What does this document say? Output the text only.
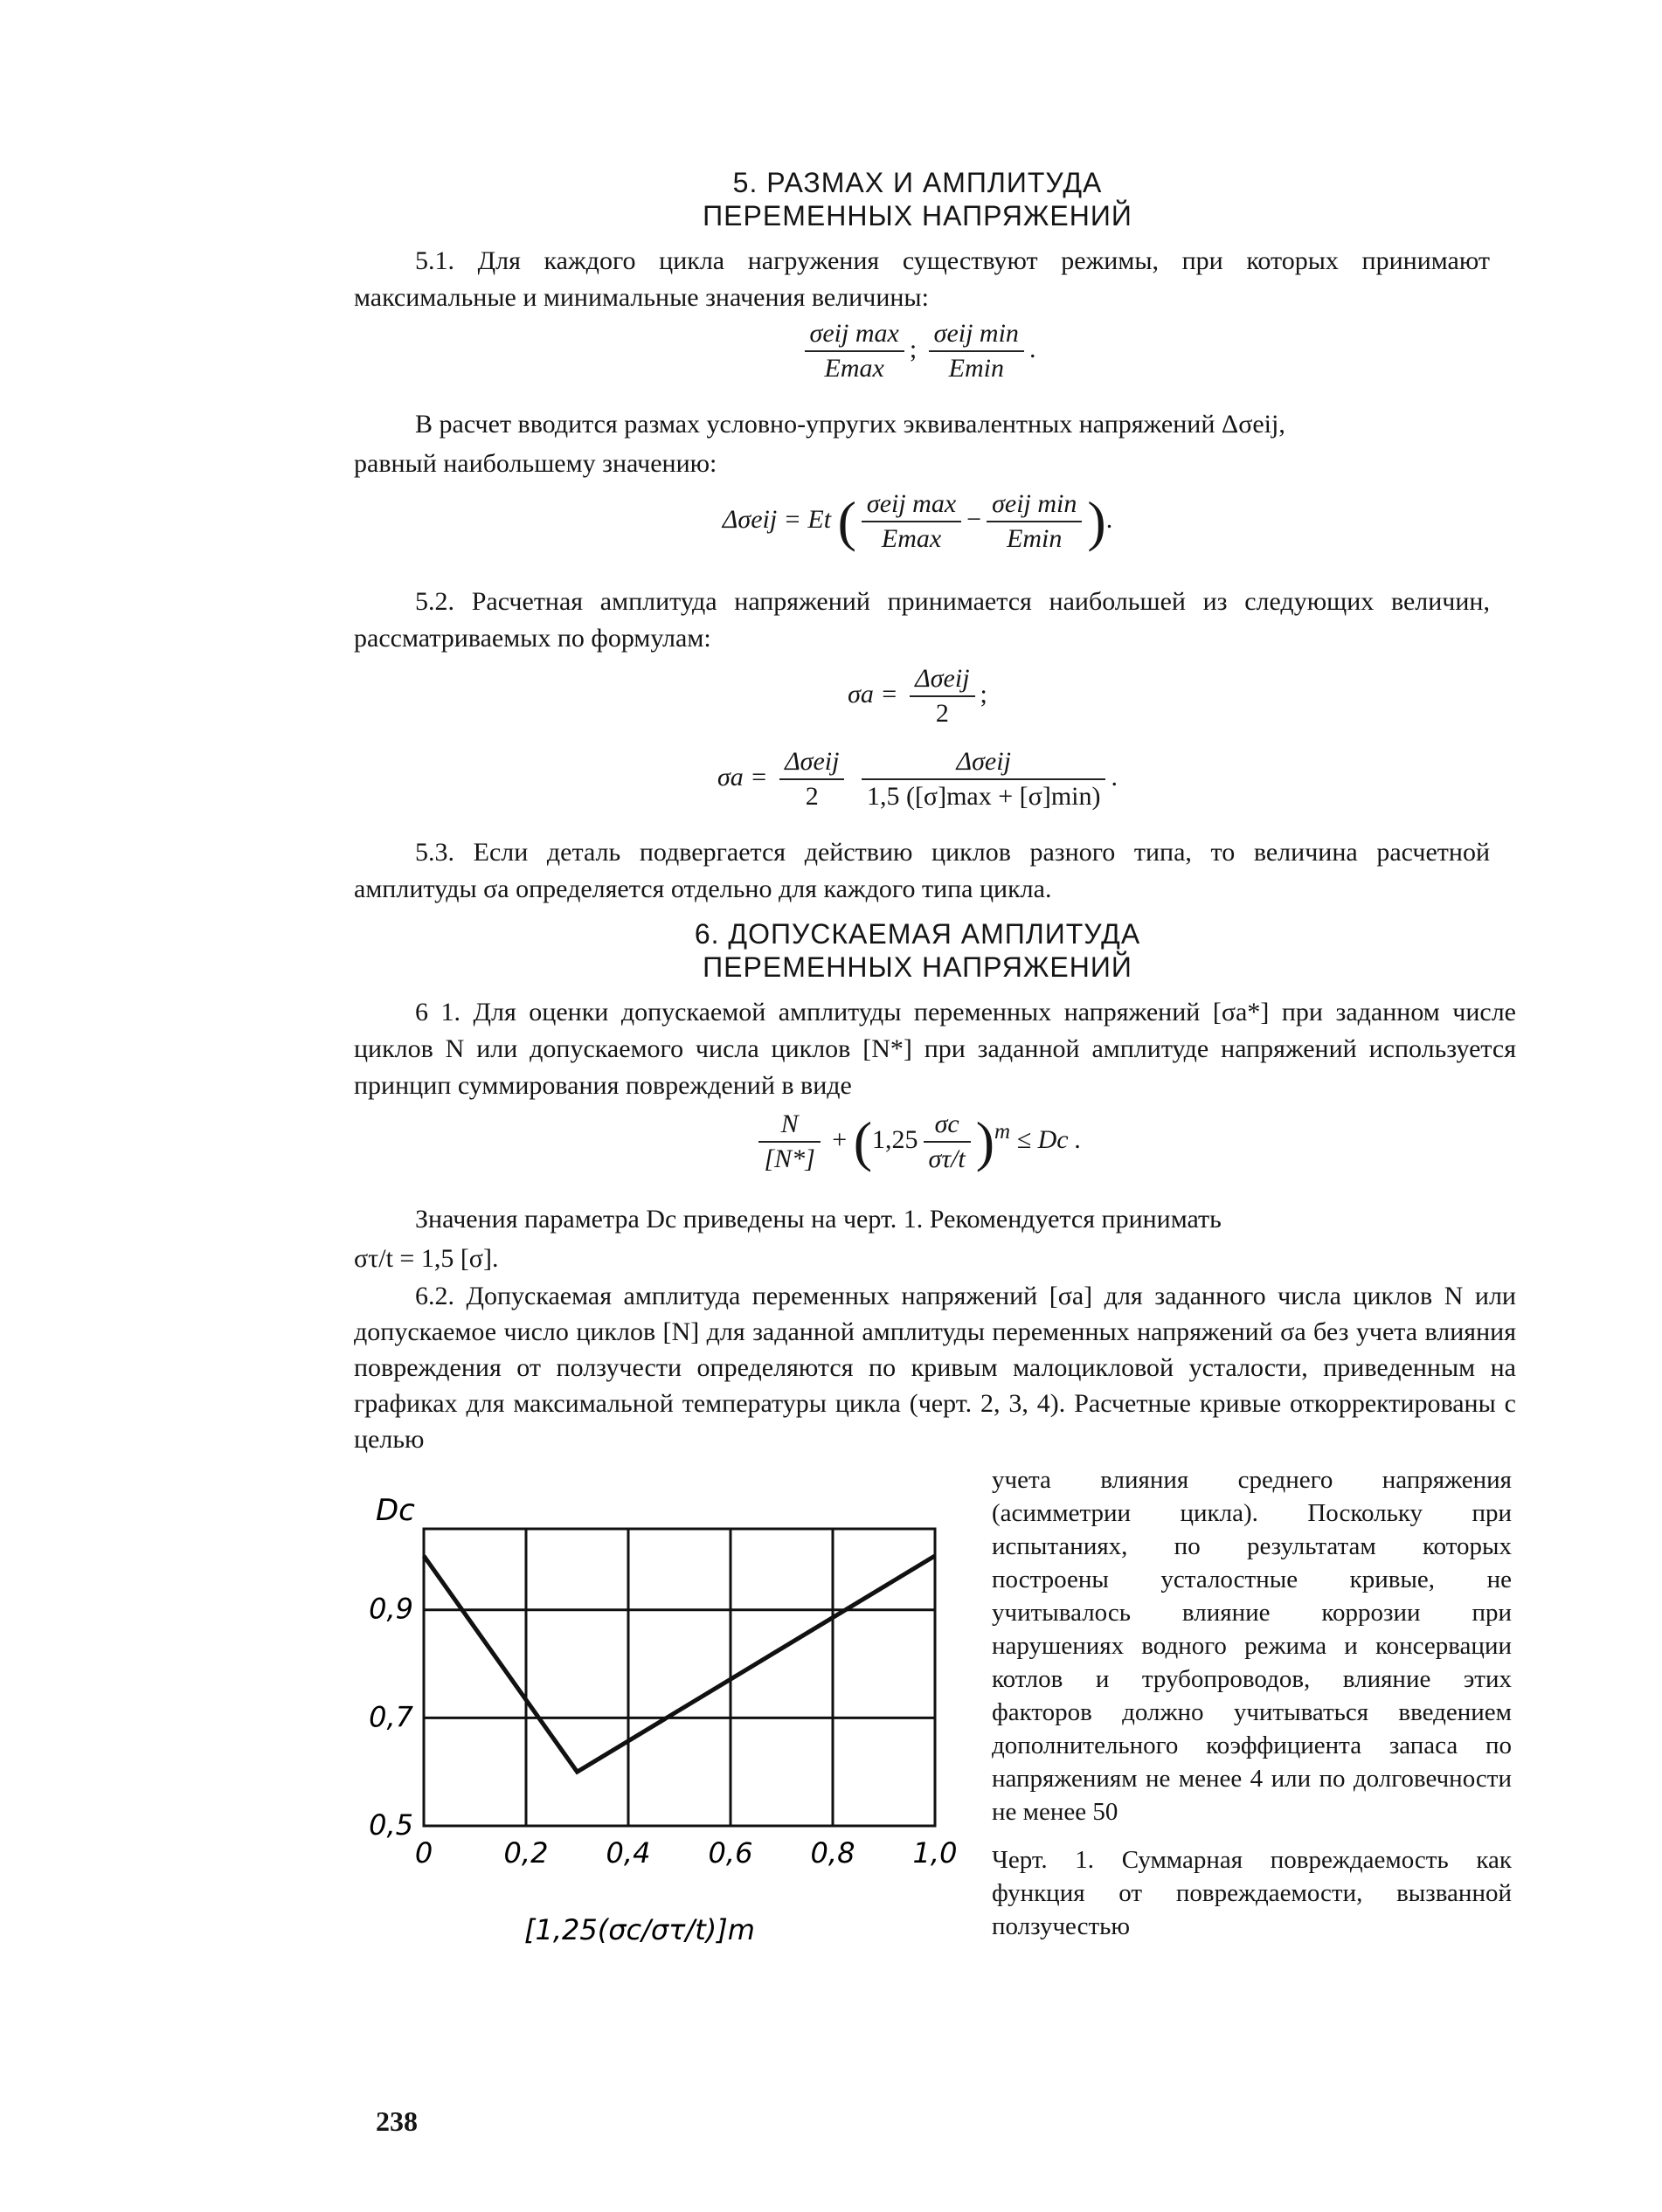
5. РАЗМАХ И АМПЛИТУДА
ПЕРЕМЕННЫХ НАПРЯЖЕНИЙ

5.1. Для каждого цикла нагружения существуют режимы, при которых принимают максимальные и минимальные значения величины:

$\frac{\text{σeij max}}{Emax}$ ; $\frac{\text{σeij min}}{Emin}$ .

В расчет вводится размах условно-упругих эквивалентных напряжений Δσeij,

равный наибольшему значению:

Δσeij = Et ( $\frac{\text{σeij max}}{Emax} - \frac{\text{σeij min}}{Emin}$ ).

5.2. Расчетная амплитуда напряжений принимается наибольшей из следующих величин, рассматриваемых по формулам:

$\sigma a = \frac{\text{Δσeij}}{2}$ ;
$\sigma a = \frac{\text{Δσeij}}{2}$
$\frac{\text{Δσeij}}{1,5 ([\sigma]\max + [\sigma]\min)}$ .

5.3. Если деталь подвергается действию циклов разного типа, то величина расчетной амплитуды σa определяется отдельно для каждого типа цикла.

6. ДОПУСКАЕМАЯ АМПЛИТУДА
ПЕРЕМЕННЫХ НАПРЯЖЕНИЙ

6 1. Для оценки допускаемой амплитуды переменных напряжений [σa*] при заданном числе циклов N или допускаемого числа циклов [N*] при заданной амплитуде напряжений используется принцип суммирования повреждений в виде

$\frac{N}{[N*]} + (1,25 \frac{\sigma c}{\sigma\tau/t} )^m \le Dc$ .

Значения параметра Dc приведены на черт. 1. Рекомендуется принимать

στ/t = 1,5 [σ].

6.2. Допускаемая амплитуда переменных напряжений [σa] для заданного числа циклов N или допускаемое число циклов [N] для заданной амплитуды переменных напряжений σa без учета влияния повреждения от ползучести определяются по кривым малоцикловой усталости, приведенным на графиках для максимальной температуры цикла (черт. 2, 3, 4). Расчетные кривые откорректированы с целью

учета влияния среднего напряжения (асимметрии цикла). Поскольку при испытаниях, по результатам которых построены усталостные кривые, не учитывалось влияние коррозии при нарушениях водного режима и консервации котлов и трубопроводов, влияние этих факторов должно учитываться введением дополнительного коэффициента запаса по напряжениям не менее 4 или по долговечности не менее 50

0	0,2 0,4 0,6 0,8 1,0
0,5
0,7
0,9
Dc
[1,25(σc/στ/t)]m

Черт. 1. Суммарная повреждаемость как функция от повреждаемости, вызванной ползучестью

238
